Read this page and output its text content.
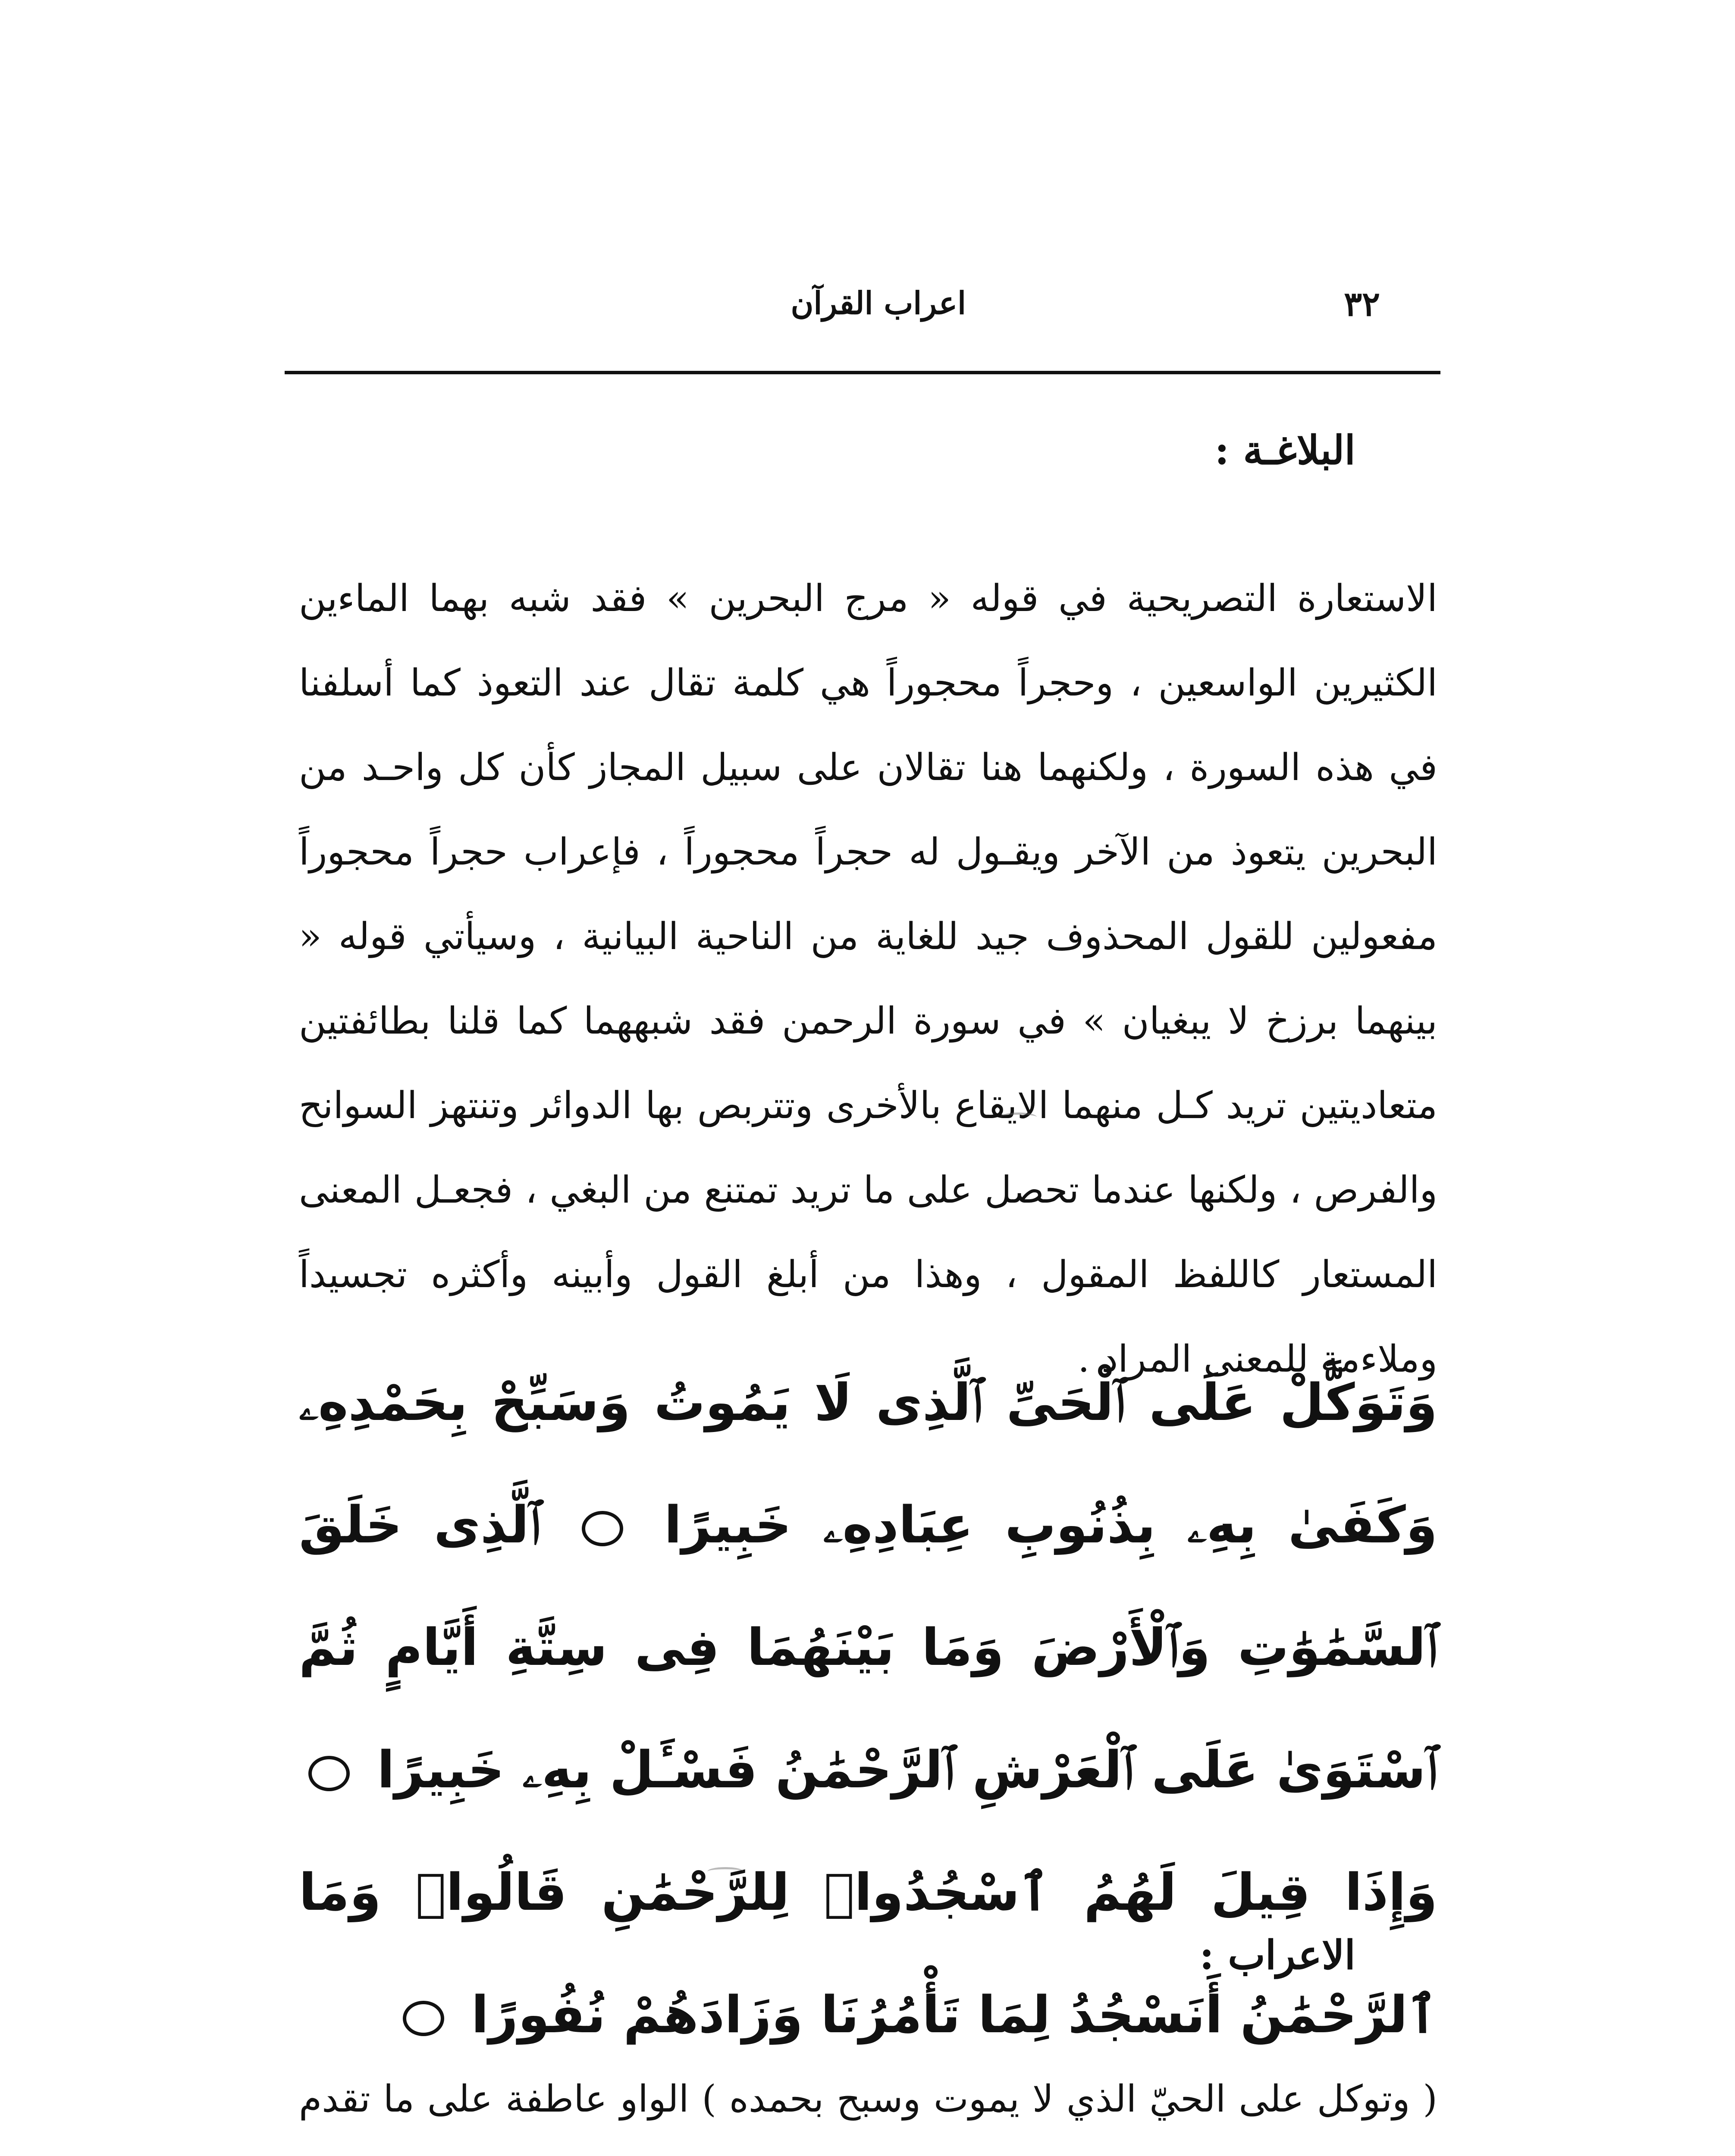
٣٢
اعراب القرآن
البلاغـة :
الاستعارة التصريحية في قوله « مرج البحرين » فقد شبه بهما الماءين الكثيرين الواسعين ، وحجراً محجوراً هي كلمة تقال عند التعوذ كما أسلفنا في هذه السورة ، ولكنهما هنا تقالان على سبيل المجاز كأن كل واحـد من البحرين يتعوذ من الآخر ويقـول له حجراً محجوراً ، فإعراب حجراً محجوراً مفعولين للقول المحذوف جيد للغاية من الناحية البيانية ، وسيأتي قوله « بينهما برزخ لا يبغيان » في سورة الرحمن فقد شبههما كما قلنا بطائفتين متعاديتين تريد كـل منهما الايقاع بالأخرى وتتربص بها الدوائر وتنتهز السوانح والفرص ، ولكنها عندما تحصل على ما تريد تمتنع من البغي ، فجعـل المعنى المستعار كاللفظ المقول ، وهذا من أبلغ القول وأبينه وأكثره تجسيداً وملاءمة للمعنى المراد .
وَتَوَكَّلْ عَلَى ٱلْحَىِّ ٱلَّذِى لَا يَمُوتُ وَسَبِّحْ بِحَمْدِهِۦ وَكَفَىٰ بِهِۦ بِذُنُوبِ عِبَادِهِۦ خَبِيرًا  ٱلَّذِى خَلَقَ ٱلسَّمَٰوَٰتِ وَٱلْأَرْضَ وَمَا بَيْنَهُمَا فِى سِتَّةِ أَيَّامٍ ثُمَّ ٱسْتَوَىٰ عَلَى ٱلْعَرْشِ ٱلرَّحْمَٰنُ فَسْـَٔلْ بِهِۦ خَبِيرًا  وَإِذَا قِيلَ لَهُمُ ٱسْجُدُوا۟ لِلرَّحْمَٰنِ قَالُوا۟ وَمَا ٱلرَّحْمَٰنُ أَنَسْجُدُ لِمَا تَأْمُرُنَا وَزَادَهُمْ نُفُورًا
الاعراب :
( وتوكل على الحيّ الذي لا يموت وسبح بحمده ) الواو عاطفة على ما تقدم
